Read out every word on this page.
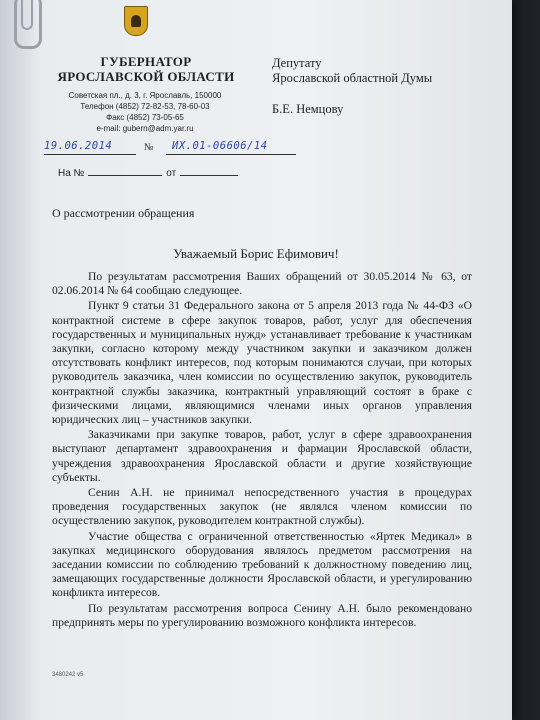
ГУБЕРНАТОР
ЯРОСЛАВСКОЙ ОБЛАСТИ
Советская пл., д. 3, г. Ярославль, 150000
Телефон (4852) 72-82-53, 78-60-03
Факс (4852) 73-05-65
e-mail: gubern@adm.yar.ru
Депутату
Ярославской областной Думы
Б.Е. Немцову
19.06.2014	№ ИХ.01-06606/14
На №	от
О рассмотрении обращения
Уважаемый Борис Ефимович!

По результатам рассмотрения Ваших обращений от 30.05.2014 № 63, от 02.06.2014 № 64 сообщаю следующее.

Пункт 9 статьи 31 Федерального закона от 5 апреля 2013 года № 44-ФЗ «О контрактной системе в сфере закупок товаров, работ, услуг для обеспечения государственных и муниципальных нужд» устанавливает требование к участникам закупки, согласно которому между участником закупки и заказчиком должен отсутствовать конфликт интересов, под которым понимаются случаи, при которых руководитель заказчика, член комиссии по осуществлению закупок, руководитель контрактной службы заказчика, контрактный управляющий состоят в браке с физическими лицами, являющимися членами иных органов управления юридических лиц – участников закупки.

Заказчиками при закупке товаров, работ, услуг в сфере здравоохранения выступают департамент здравоохранения и фармации Ярославской области, учреждения здравоохранения Ярославской области и другие хозяйствующие субъекты.

Сенин А.Н. не принимал непосредственного участия в процедурах проведения государственных закупок (не являлся членом комиссии по осуществлению закупок, руководителем контрактной службы).

Участие общества с ограниченной ответственностью «Яртек Медикал» в закупках медицинского оборудования являлось предметом рассмотрения на заседании комиссии по соблюдению требований к должностному поведению лиц, замещающих государственные должности Ярославской области, и урегулированию конфликта интересов.

По результатам рассмотрения вопроса Сенину А.Н. было рекомендовано предпринять меры по урегулированию возможного конфликта интересов.

3480242 v5
